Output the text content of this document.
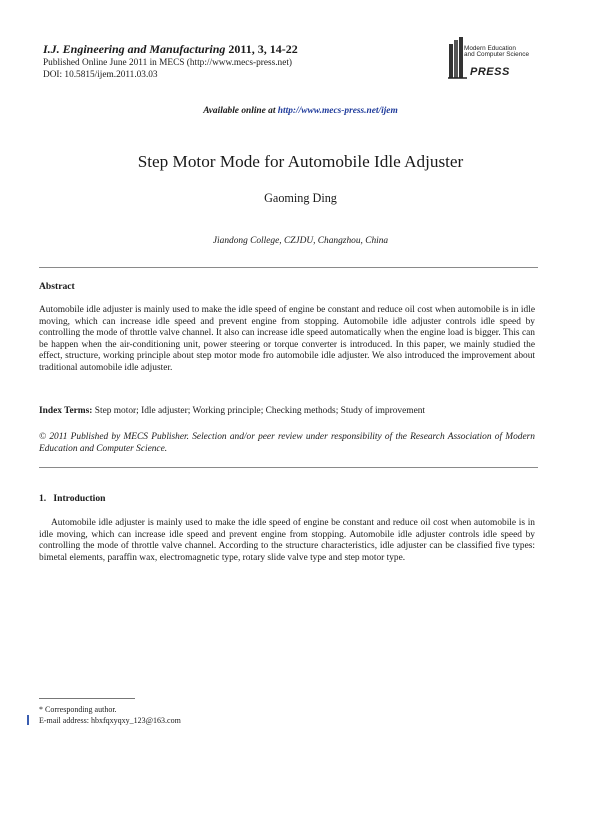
I.J. Engineering and Manufacturing 2011, 3, 14-22
Published Online June 2011 in MECS (http://www.mecs-press.net)
DOI: 10.5815/ijem.2011.03.03
Modern Education
and Computer Science
PRESS
Available online at http://www.mecs-press.net/ijem
Step Motor Mode for Automobile Idle Adjuster
Gaoming Ding
Jiandong College, CZJDU, Changzhou, China
Abstract
Automobile idle adjuster is mainly used to make the idle speed of engine be constant and reduce oil cost when automobile is in idle moving, which can increase idle speed and prevent engine from stopping. Automobile idle adjuster controls idle speed by controlling the mode of throttle valve channel. It also can increase idle speed automatically when the engine load is bigger. This can be happen when the air-conditioning unit, power steering or torque converter is introduced. In this paper, we mainly studied the effect, structure, working principle about step motor mode fro automobile idle adjuster. We also introduced the improvement about traditional automobile idle adjuster.
Index Terms: Step motor; Idle adjuster; Working principle; Checking methods; Study of improvement
© 2011 Published by MECS Publisher. Selection and/or peer review under responsibility of the Research Association of Modern Education and Computer Science.
1.   Introduction
Automobile idle adjuster is mainly used to make the idle speed of engine be constant and reduce oil cost when automobile is in idle moving, which can increase idle speed and prevent engine from stopping. Automobile idle adjuster controls idle speed by controlling the mode of throttle valve channel. According to the structure characteristics, idle adjuster can be classified five types: bimetal elements, paraffin wax, electromagnetic type, rotary slide valve type and step motor type.
* Corresponding author.
E-mail address: hbxfqxyqxy_123@163.com
